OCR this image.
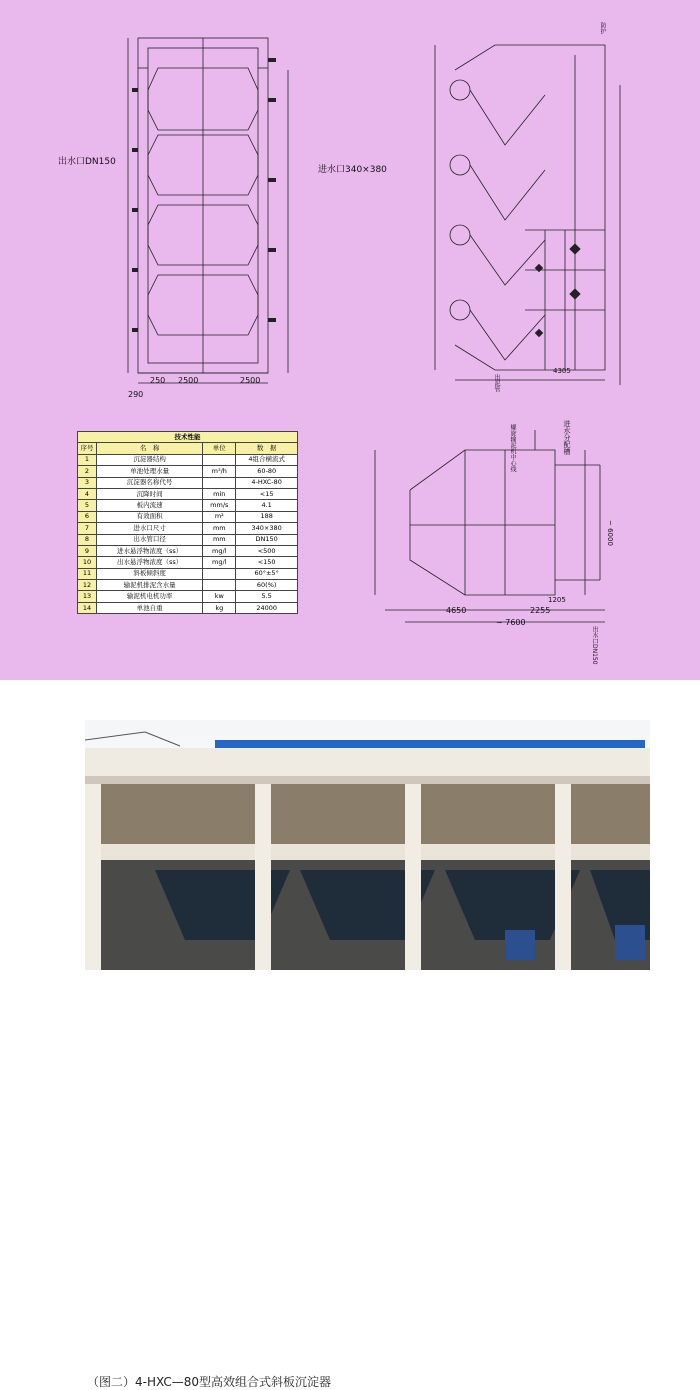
出水口DN150
进水口340×380
250 2500	2500
290
4305
出泥管
防护
螺旋输泥机中心线	进水分配槽
出水口DN150
4650	2255
1205
~ 7600
~ 6000
技术性能			
序号	名　称	单位	数　据
1	沉淀器结构		4组合横流式
2	单池处理水量	m³/h	60-80
3	沉淀器名称代号		4-HXC-80
4	沉降时间	min	<15
5	板内流速	mm/s	4.1
6	有效面积	m²	188
7	进水口尺寸	mm	340×380
8	出水管口径	mm	DN150
9	进水悬浮物浓度（ss）	mg/l	<500
10	出水悬浮物浓度（ss）	mg/l	<150
11	斜板倾斜度		60°±5°
12	输泥机排泥含水量		60(%)
13	输泥机电机功率	kw	5.5
14	单池自重	kg	24000
（图二）4-HXC—80型高效组合式斜板沉淀器
